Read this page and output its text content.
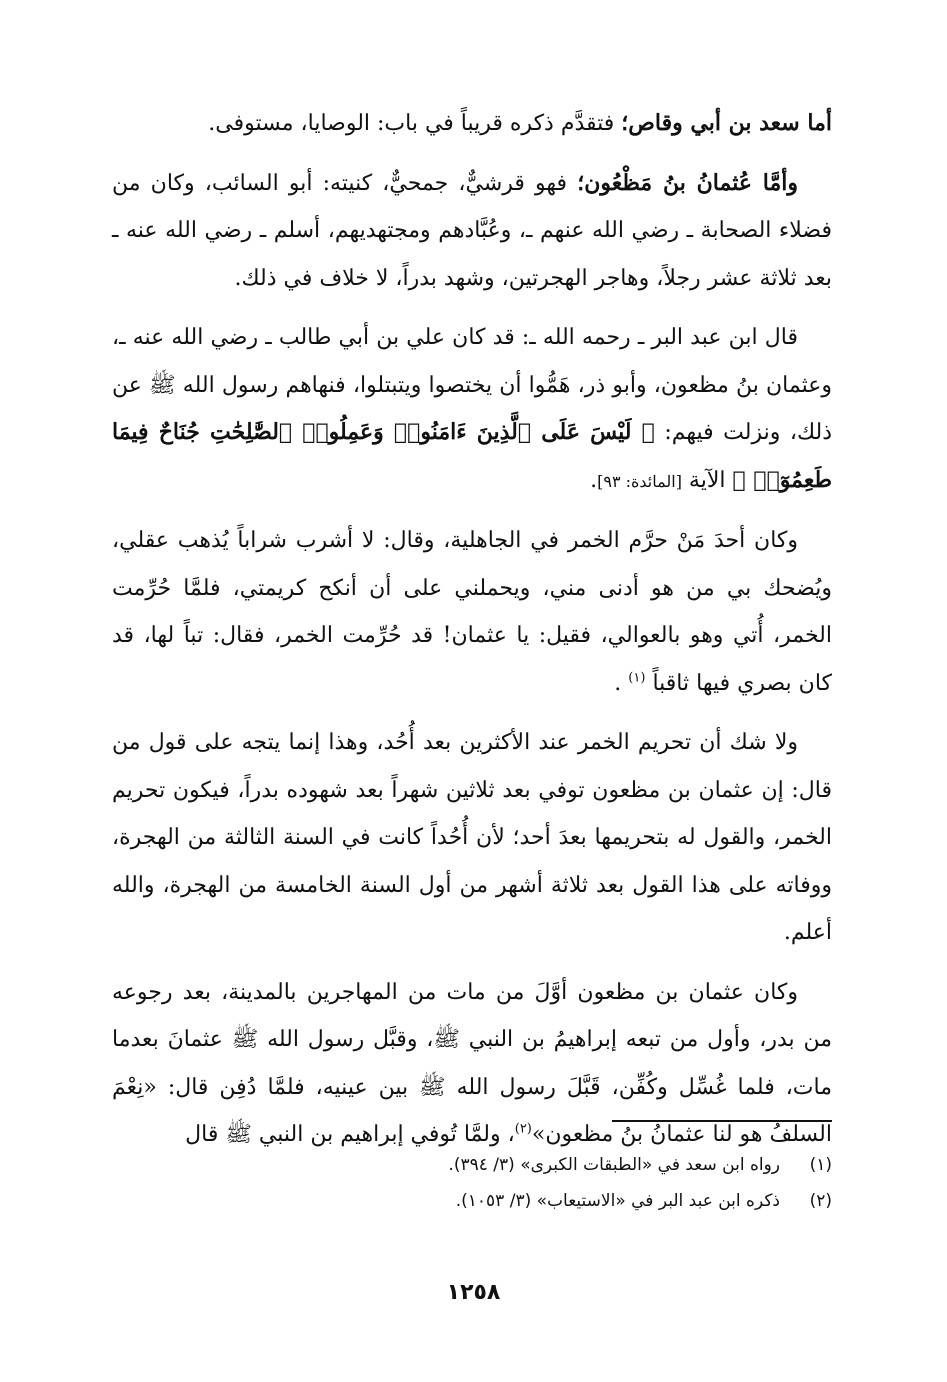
أما سعد بن أبي وقاص؛ فتقدَّم ذكره قريباً في باب: الوصايا، مستوفى.

وأمَّا عُثمانُ بنُ مَظْعُون؛ فهو قرشيٌّ، جمحيٌّ، كنيته: أبو السائب، وكان من فضلاء الصحابة ـ رضي الله عنهم ـ، وعُبَّادهم ومجتهديهم، أسلم ـ رضي الله عنه ـ بعد ثلاثة عشر رجلاً، وهاجر الهجرتين، وشهد بدراً، لا خلاف في ذلك.

قال ابن عبد البر ـ رحمه الله ـ: قد كان علي بن أبي طالب ـ رضي الله عنه ـ، وعثمان بنُ مظعون، وأبو ذر، هَمُّوا أن يختصوا ويتبتلوا، فنهاهم رسول الله ﷺ عن ذلك، ونزلت فيهم: ﴿ لَيْسَ عَلَى ٱلَّذِينَ ءَامَنُوا۟ وَعَمِلُوا۟ ٱلصَّٰلِحَٰتِ جُنَاحٌ فِيمَا طَعِمُوٓا۟ ﴾ الآية [المائدة: ٩٣].

وكان أحدَ مَنْ حرَّم الخمر في الجاهلية، وقال: لا أشرب شراباً يُذهب عقلي، ويُضحك بي من هو أدنى مني، ويحملني على أن أنكح كريمتي، فلمَّا حُرِّمت الخمر، أُتي وهو بالعوالي، فقيل: يا عثمان! قد حُرِّمت الخمر، فقال: تباً لها، قد كان بصري فيها ثاقباً $^{(١)}$ .

ولا شك أن تحريم الخمر عند الأكثرين بعد أُحُد، وهذا إنما يتجه على قول من قال: إن عثمان بن مظعون توفي بعد ثلاثين شهراً بعد شهوده بدراً، فيكون تحريم الخمر، والقول له بتحريمها بعدَ أحد؛ لأن أُحُداً كانت في السنة الثالثة من الهجرة، ووفاته على هذا القول بعد ثلاثة أشهر من أول السنة الخامسة من الهجرة، والله أعلم.

وكان عثمان بن مظعون أوَّلَ من مات من المهاجرين بالمدينة، بعد رجوعه من بدر، وأول من تبعه إبراهيمُ بن النبي ﷺ، وقبَّل رسول الله ﷺ عثمانَ بعدما مات، فلما غُسِّل وكُفِّن، قَبَّلَ رسول الله ﷺ بين عينيه، فلمَّا دُفِن قال: «نِعْمَ السلفُ هو لنا عثمانُ بنُ مظعون»$^{(٢)}$، ولمَّا تُوفي إبراهيم بن النبي ﷺ قال

(١)رواه ابن سعد في «الطبقات الكبرى» (٣/ ٣٩٤).
(٢)ذكره ابن عبد البر في «الاستيعاب» (٣/ ١٠٥٣).
١٢٥٨
